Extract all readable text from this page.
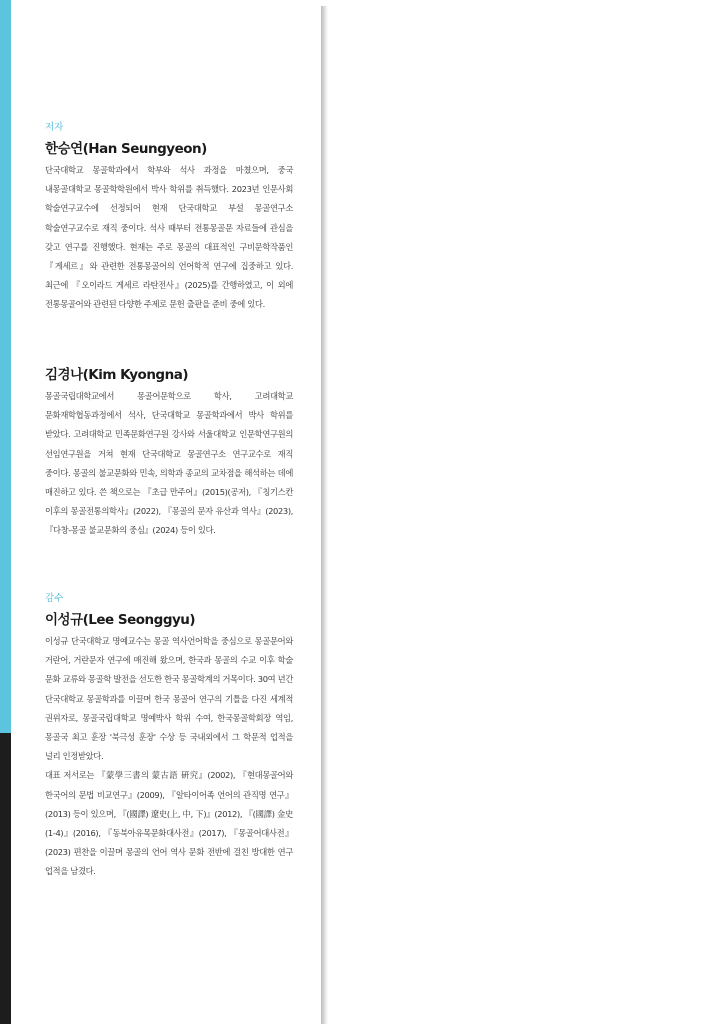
저자

한승연(Han Seungyeon)

단국대학교 몽골학과에서 학부와 석사 과정을 마쳤으며, 중국 내몽골대학교 몽골학학원에서 박사 학위를 취득했다. 2023년 인문사회 학술연구교수에 선정되어 현재 단국대학교 부설 몽골연구소 학술연구교수로 재직 중이다. 석사 때부터 전통몽골문 자료들에 관심을 갖고 연구를 진행했다. 현재는 주로 몽골의 대표적인 구비문학작품인 『게세르』와 관련한 전통몽골어의 언어학적 연구에 집중하고 있다. 최근에 『오이라드 게세르 라탄전사』(2025)를 간행하였고, 이 외에 전통몽골어와 관련된 다양한 주제로 문헌 출판을 준비 중에 있다.

김경나(Kim Kyongna)

몽골국립대학교에서 몽골어문학으로 학사, 고려대학교 문화재학협동과정에서 석사, 단국대학교 몽골학과에서 박사 학위를 받았다. 고려대학교 민족문화연구원 강사와 서울대학교 인문학연구원의 선임연구원을 거쳐 현재 단국대학교 몽골연구소 연구교수로 재직 중이다. 몽골의 불교문화와 민속, 의학과 종교의 교차점을 해석하는 데에 매진하고 있다. 쓴 책으로는 『초급 만주어』(2015)(공저), 『칭기스칸 이후의 몽골전통의학사』(2022), 『몽골의 문자 유산과 역사』(2023), 『다창-몽골 불교문화의 중심』(2024) 등이 있다.

감수

이성규(Lee Seonggyu)

이성규 단국대학교 명예교수는 몽골 역사언어학을 중심으로 몽골문어와 거란어, 거란문자 연구에 매진해 왔으며, 한국과 몽골의 수교 이후 학술 문화 교류와 몽골학 발전을 선도한 한국 몽골학계의 거목이다. 30여 년간 단국대학교 몽골학과를 이끌며 한국 몽골어 연구의 기틀을 다진 세계적 권위자로, 몽골국립대학교 명예박사 학위 수여, 한국몽골학회장 역임, 몽골국 최고 훈장 '북극성 훈장' 수상 등 국내외에서 그 학문적 업적을 널리 인정받았다.

대표 저서로는 『蒙學三書의 蒙古語 硏究』(2002), 『현대몽골어와 한국어의 문법 비교연구』(2009), 『알타이어족 언어의 관직명 연구』(2013) 등이 있으며, 『(國譯) 遼史(上, 中, 下)』(2012), 『(國譯) 金史(1-4)』(2016), 『동북아유목문화대사전』(2017), 『몽골어대사전』(2023) 편찬을 이끌며 몽골의 언어 역사 문화 전반에 걸친 방대한 연구 업적을 남겼다.
